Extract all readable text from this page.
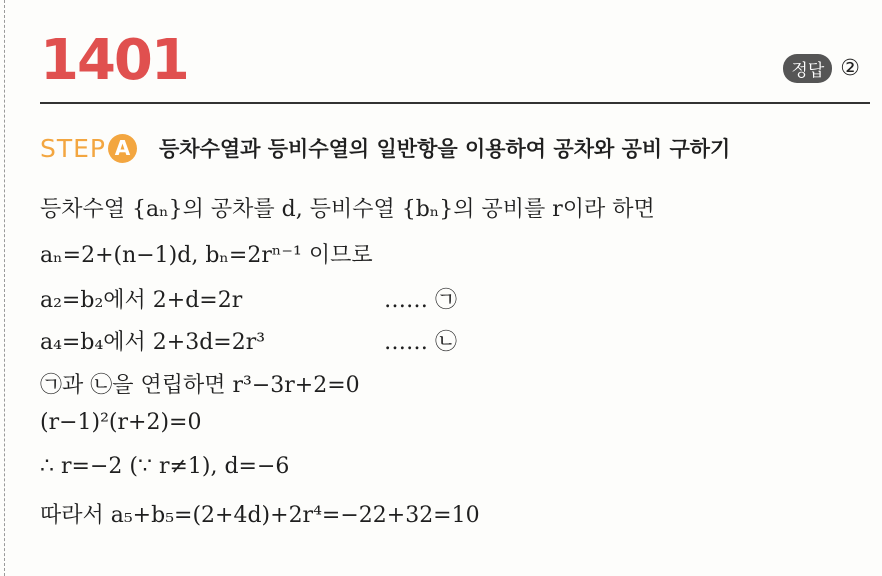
1401	정답 ②
STEP A	등차수열과 등비수열의 일반항을 이용하여 공차와 공비 구하기
등차수열 {aₙ}의 공차를 d, 등비수열 {bₙ}의 공비를 r이라 하면
aₙ=2+(n−1)d, bₙ=2rⁿ⁻¹ 이므로
a₂=b₂에서 2+d=2r	…… ㉠
a₄=b₄에서 2+3d=2r³	…… ㉡
㉠과 ㉡을 연립하면 r³−3r+2=0
(r−1)²(r+2)=0
∴ r=−2 (∵ r≠1), d=−6
따라서 a₅+b₅=(2+4d)+2r⁴=−22+32=10
